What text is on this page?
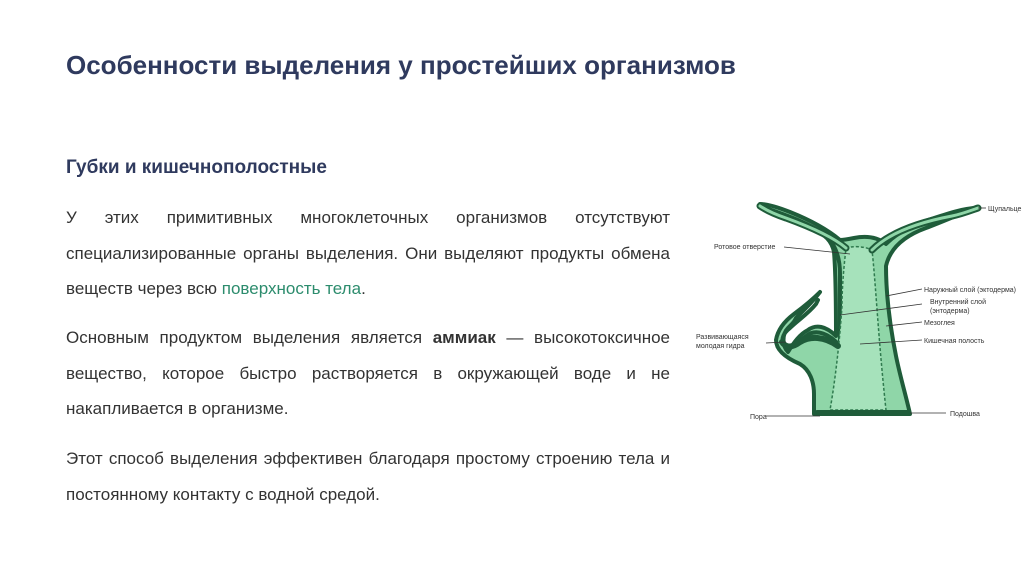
Особенности выделения у простейших организмов
Губки и кишечнополостные

У этих примитивных многоклеточных организмов отсутствуют специализированные органы выделения. Они выделяют продукты обмена веществ через всю поверхность тела.

Основным продуктом выделения является аммиак — высокотоксичное вещество, которое быстро растворяется в окружающей воде и не накапливается в организме.

Этот способ выделения эффективен благодаря простому строению тела и постоянному контакту с водной средой.

Щупальце
Ротовое отверстие
Наружный слой (эктодерма)
Внутренний слой
(энтодерма)
Мезоглея
Кишечная полость
Развивающаяся
молодая гидра
Пора	Подошва
